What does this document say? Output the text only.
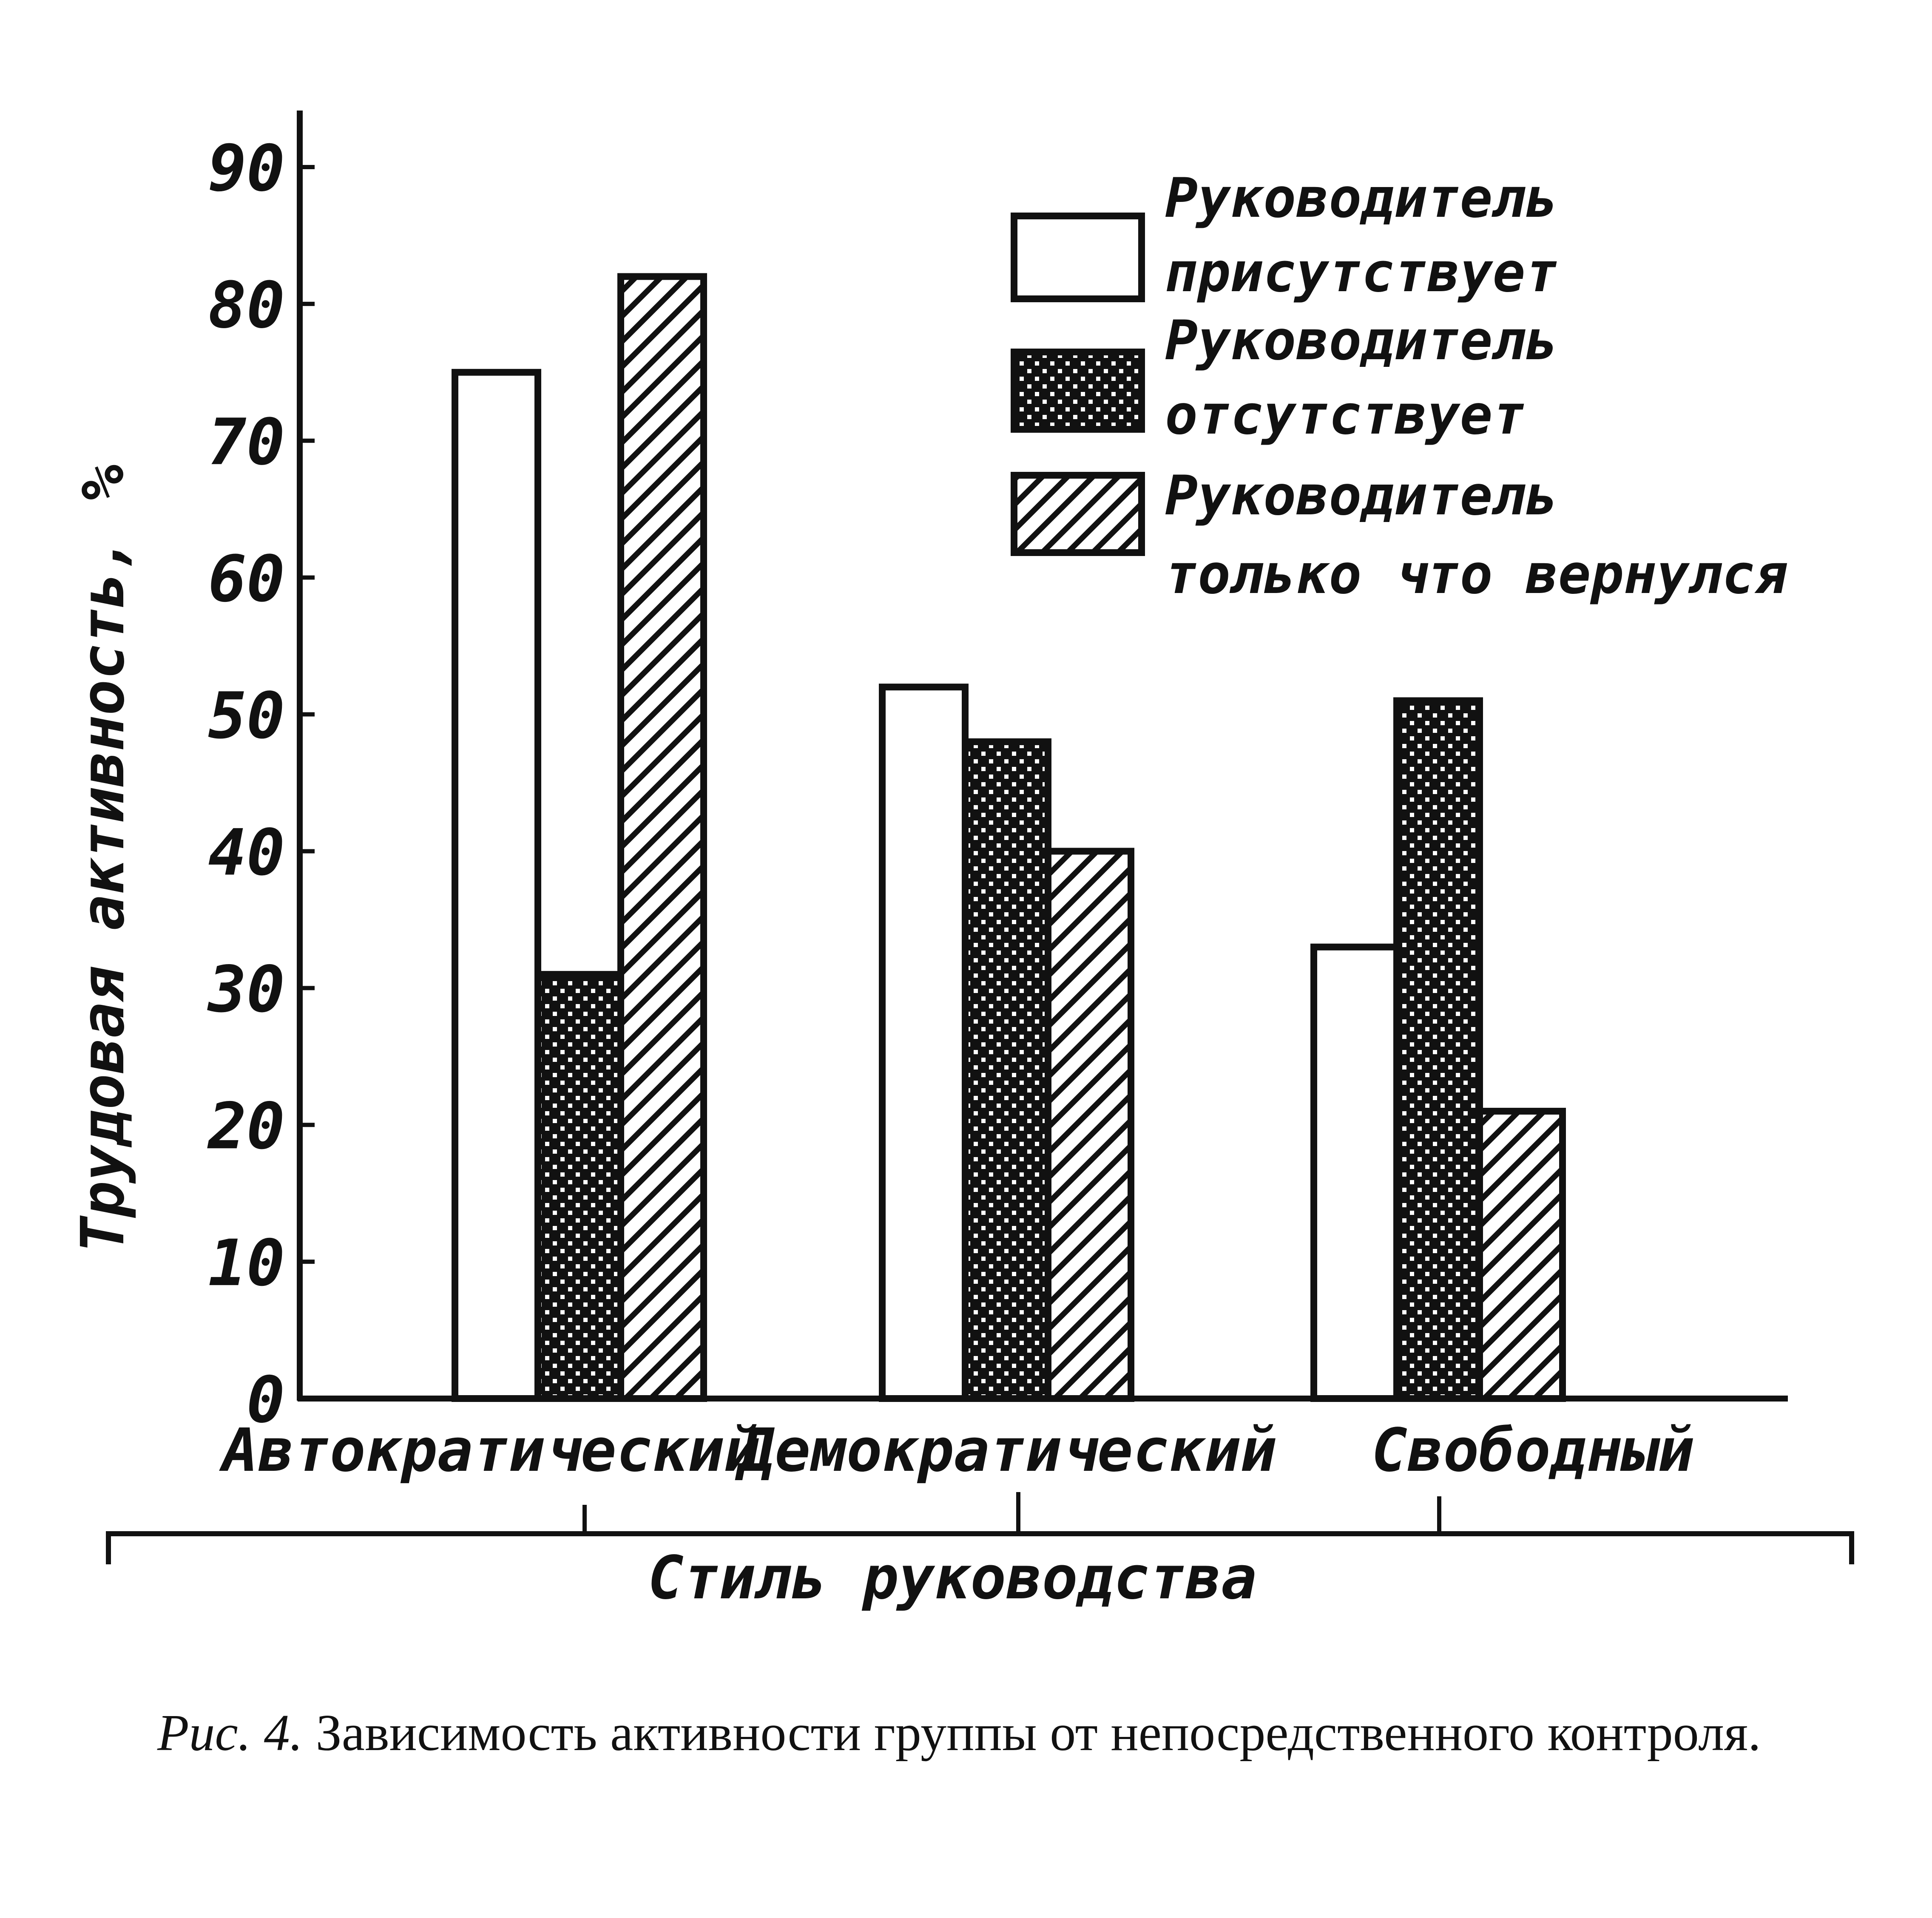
Трудовая активность, %
0
10
20
30
40
50
60
70
80
90
Автократический
Демократический Свободный
Стиль руководства
Руководитель
присутствует
Руководитель
отсутствует
Руководитель
только что вернулся
Рис. 4. Зависимость активности группы от непосредственного контроля.
